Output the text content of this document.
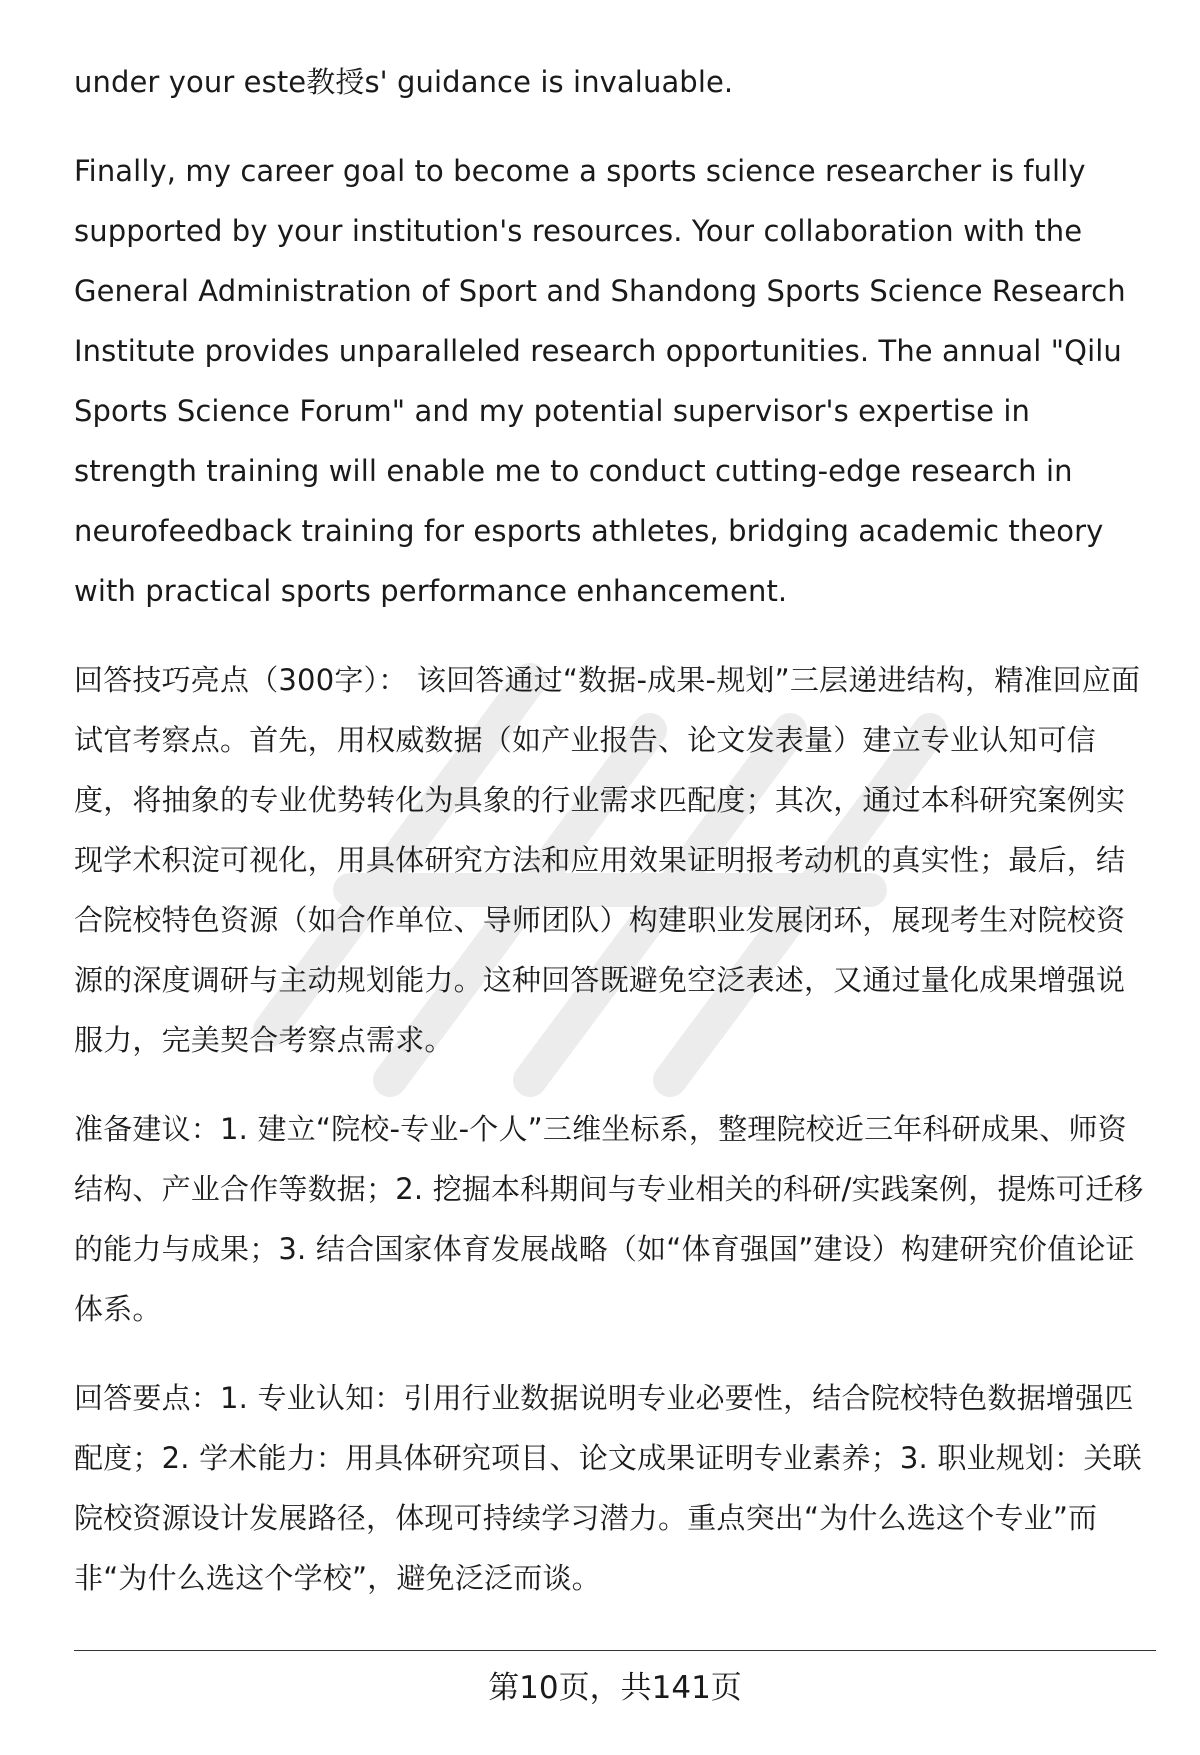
under your este教授s' guidance is invaluable.

Finally, my career goal to become a sports science researcher is fully supported by your institution's resources. Your collaboration with the General Administration of Sport and Shandong Sports Science Research Institute provides unparalleled research opportunities. The annual "Qilu Sports Science Forum" and my potential supervisor's expertise in strength training will enable me to conduct cutting-edge research in neurofeedback training for esports athletes, bridging academic theory with practical sports performance enhancement.

回答技巧亮点（300字）： 该回答通过“数据-成果-规划”三层递进结构，精准回应面试官考察点。首先，用权威数据（如产业报告、论文发表量）建立专业认知可信度，将抽象的专业优势转化为具象的行业需求匹配度；其次，通过本科研究案例实现学术积淀可视化，用具体研究方法和应用效果证明报考动机的真实性；最后，结合院校特色资源（如合作单位、导师团队）构建职业发展闭环，展现考生对院校资源的深度调研与主动规划能力。这种回答既避免空泛表述，又通过量化成果增强说服力，完美契合考察点需求。

准备建议：1. 建立“院校-专业-个人”三维坐标系，整理院校近三年科研成果、师资结构、产业合作等数据；2. 挖掘本科期间与专业相关的科研/实践案例，提炼可迁移的能力与成果；3. 结合国家体育发展战略（如“体育强国”建设）构建研究价值论证体系。

回答要点：1. 专业认知：引用行业数据说明专业必要性，结合院校特色数据增强匹配度；2. 学术能力：用具体研究项目、论文成果证明专业素养；3. 职业规划：关联院校资源设计发展路径，体现可持续学习潜力。重点突出“为什么选这个专业”而非“为什么选这个学校”，避免泛泛而谈。

第10页，共141页
